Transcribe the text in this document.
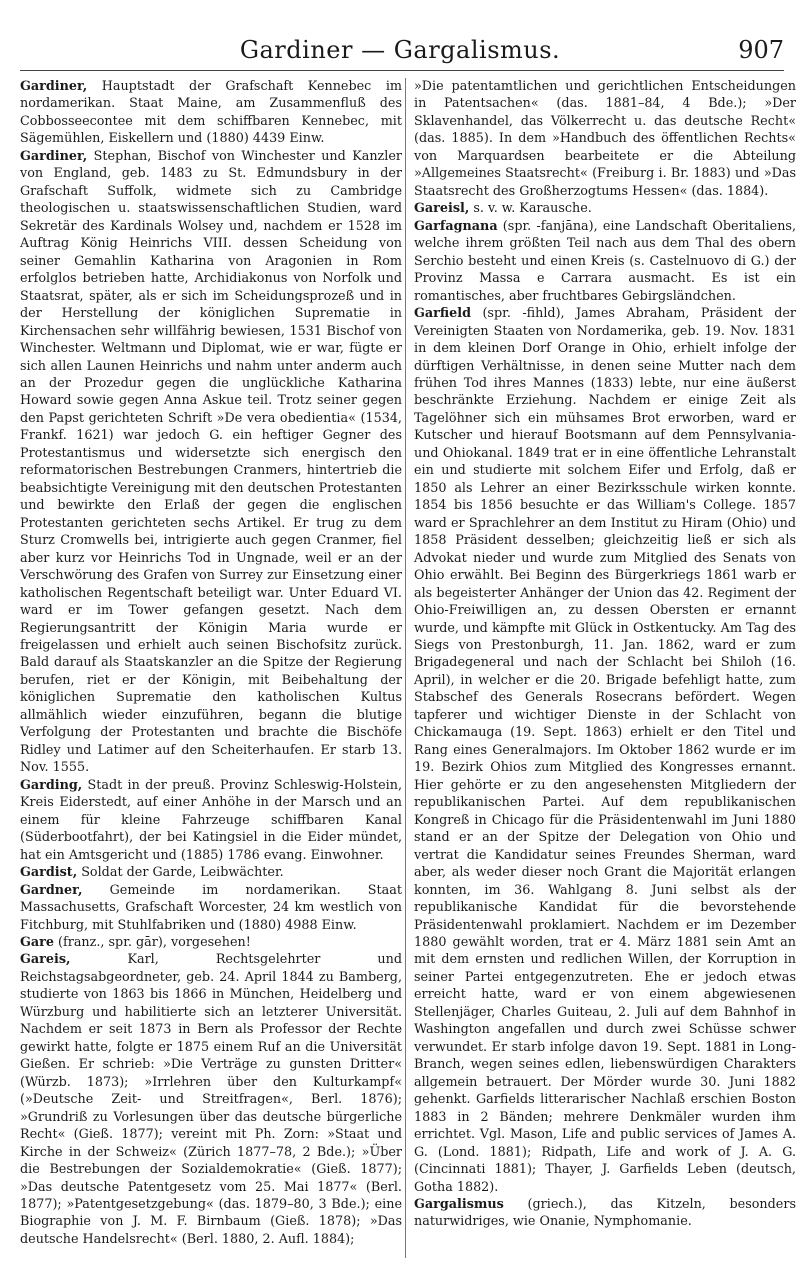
Gardiner — Gargalismus.	907

Gardiner, Hauptstadt der Grafschaft Kennebec im nordamerikan. Staat Maine, am Zusammenfluß des Cobbosseecontee mit dem schiffbaren Kennebec, mit Sägemühlen, Eiskellern und (1880) 4439 Einw.

Gardiner, Stephan, Bischof von Winchester und Kanzler von England, geb. 1483 zu St. Edmundsbury in der Grafschaft Suffolk, widmete sich zu Cambridge theologischen u. staatswissenschaftlichen Studien, ward Sekretär des Kardinals Wolsey und, nachdem er 1528 im Auftrag König Heinrichs VIII. dessen Scheidung von seiner Gemahlin Katharina von Aragonien in Rom erfolglos betrieben hatte, Archidiakonus von Norfolk und Staatsrat, später, als er sich im Scheidungsprozeß und in der Herstellung der königlichen Suprematie in Kirchensachen sehr willfährig bewiesen, 1531 Bischof von Winchester. Weltmann und Diplomat, wie er war, fügte er sich allen Launen Heinrichs und nahm unter anderm auch an der Prozedur gegen die unglückliche Katharina Howard sowie gegen Anna Askue teil. Trotz seiner gegen den Papst gerichteten Schrift »De vera obedientia« (1534, Frankf. 1621) war jedoch G. ein heftiger Gegner des Protestantismus und widersetzte sich energisch den reformatorischen Bestrebungen Cranmers, hintertrieb die beabsichtigte Vereinigung mit den deutschen Protestanten und bewirkte den Erlaß der gegen die englischen Protestanten gerichteten sechs Artikel. Er trug zu dem Sturz Cromwells bei, intrigierte auch gegen Cranmer, fiel aber kurz vor Heinrichs Tod in Ungnade, weil er an der Verschwörung des Grafen von Surrey zur Einsetzung einer katholischen Regentschaft beteiligt war. Unter Eduard VI. ward er im Tower gefangen gesetzt. Nach dem Regierungsantritt der Königin Maria wurde er freigelassen und erhielt auch seinen Bischofsitz zurück. Bald darauf als Staatskanzler an die Spitze der Regierung berufen, riet er der Königin, mit Beibehaltung der königlichen Suprematie den katholischen Kultus allmählich wieder einzuführen, begann die blutige Verfolgung der Protestanten und brachte die Bischöfe Ridley und Latimer auf den Scheiterhaufen. Er starb 13. Nov. 1555.

Garding, Stadt in der preuß. Provinz Schleswig-Holstein, Kreis Eiderstedt, auf einer Anhöhe in der Marsch und an einem für kleine Fahrzeuge schiffbaren Kanal (Süderbootfahrt), der bei Katingsiel in die Eider mündet, hat ein Amtsgericht und (1885) 1786 evang. Einwohner.

Gardist, Soldat der Garde, Leibwächter.

Gardner, Gemeinde im nordamerikan. Staat Massachusetts, Grafschaft Worcester, 24 km westlich von Fitchburg, mit Stuhlfabriken und (1880) 4988 Einw.

Gare (franz., spr. gār), vorgesehen!

Gareis, Karl, Rechtsgelehrter und Reichstagsabgeordneter, geb. 24. April 1844 zu Bamberg, studierte von 1863 bis 1866 in München, Heidelberg und Würzburg und habilitierte sich an letzterer Universität. Nachdem er seit 1873 in Bern als Professor der Rechte gewirkt hatte, folgte er 1875 einem Ruf an die Universität Gießen. Er schrieb: »Die Verträge zu gunsten Dritter« (Würzb. 1873); »Irrlehren über den Kulturkampf« (»Deutsche Zeit- und Streitfragen«, Berl. 1876); »Grundriß zu Vorlesungen über das deutsche bürgerliche Recht« (Gieß. 1877); vereint mit Ph. Zorn: »Staat und Kirche in der Schweiz« (Zürich 1877–78, 2 Bde.); »Über die Bestrebungen der Sozialdemokratie« (Gieß. 1877); »Das deutsche Patentgesetz vom 25. Mai 1877« (Berl. 1877); »Patentgesetzgebung« (das. 1879–80, 3 Bde.); eine Biographie von J. M. F. Birnbaum (Gieß. 1878); »Das deutsche Handelsrecht« (Berl. 1880, 2. Aufl. 1884);

»Die patentamtlichen und gerichtlichen Entscheidungen in Patentsachen« (das. 1881–84, 4 Bde.); »Der Sklavenhandel, das Völkerrecht u. das deutsche Recht« (das. 1885). In dem »Handbuch des öffentlichen Rechts« von Marquardsen bearbeitete er die Abteilung »Allgemeines Staatsrecht« (Freiburg i. Br. 1883) und »Das Staatsrecht des Großherzogtums Hessen« (das. 1884).

Gareisl, s. v. w. Karausche.

Garfagnana (spr. -fanjāna), eine Landschaft Oberitaliens, welche ihrem größten Teil nach aus dem Thal des obern Serchio besteht und einen Kreis (s. Castelnuovo di G.) der Provinz Massa e Carrara ausmacht. Es ist ein romantisches, aber fruchtbares Gebirgsländchen.

Garfield (spr. -fihld), James Abraham, Präsident der Vereinigten Staaten von Nordamerika, geb. 19. Nov. 1831 in dem kleinen Dorf Orange in Ohio, erhielt infolge der dürftigen Verhältnisse, in denen seine Mutter nach dem frühen Tod ihres Mannes (1833) lebte, nur eine äußerst beschränkte Erziehung. Nachdem er einige Zeit als Tagelöhner sich ein mühsames Brot erworben, ward er Kutscher und hierauf Bootsmann auf dem Pennsylvania- und Ohiokanal. 1849 trat er in eine öffentliche Lehranstalt ein und studierte mit solchem Eifer und Erfolg, daß er 1850 als Lehrer an einer Bezirksschule wirken konnte. 1854 bis 1856 besuchte er das William's College. 1857 ward er Sprachlehrer an dem Institut zu Hiram (Ohio) und 1858 Präsident desselben; gleichzeitig ließ er sich als Advokat nieder und wurde zum Mitglied des Senats von Ohio erwählt. Bei Beginn des Bürgerkriegs 1861 warb er als begeisterter Anhänger der Union das 42. Regiment der Ohio-Freiwilligen an, zu dessen Obersten er ernannt wurde, und kämpfte mit Glück in Ostkentucky. Am Tag des Siegs von Prestonburgh, 11. Jan. 1862, ward er zum Brigadegeneral und nach der Schlacht bei Shiloh (16. April), in welcher er die 20. Brigade befehligt hatte, zum Stabschef des Generals Rosecrans befördert. Wegen tapferer und wichtiger Dienste in der Schlacht von Chickamauga (19. Sept. 1863) erhielt er den Titel und Rang eines Generalmajors. Im Oktober 1862 wurde er im 19. Bezirk Ohios zum Mitglied des Kongresses ernannt. Hier gehörte er zu den angesehensten Mitgliedern der republikanischen Partei. Auf dem republikanischen Kongreß in Chicago für die Präsidentenwahl im Juni 1880 stand er an der Spitze der Delegation von Ohio und vertrat die Kandidatur seines Freundes Sherman, ward aber, als weder dieser noch Grant die Majorität erlangen konnten, im 36. Wahlgang 8. Juni selbst als der republikanische Kandidat für die bevorstehende Präsidentenwahl proklamiert. Nachdem er im Dezember 1880 gewählt worden, trat er 4. März 1881 sein Amt an mit dem ernsten und redlichen Willen, der Korruption in seiner Partei entgegenzutreten. Ehe er jedoch etwas erreicht hatte, ward er von einem abgewiesenen Stellenjäger, Charles Guiteau, 2. Juli auf dem Bahnhof in Washington angefallen und durch zwei Schüsse schwer verwundet. Er starb infolge davon 19. Sept. 1881 in Long-Branch, wegen seines edlen, liebenswürdigen Charakters allgemein betrauert. Der Mörder wurde 30. Juni 1882 gehenkt. Garfields litterarischer Nachlaß erschien Boston 1883 in 2 Bänden; mehrere Denkmäler wurden ihm errichtet. Vgl. Mason, Life and public services of James A. G. (Lond. 1881); Ridpath, Life and work of J. A. G. (Cincinnati 1881); Thayer, J. Garfields Leben (deutsch, Gotha 1882).

Gargalismus (griech.), das Kitzeln, besonders naturwidriges, wie Onanie, Nymphomanie.
